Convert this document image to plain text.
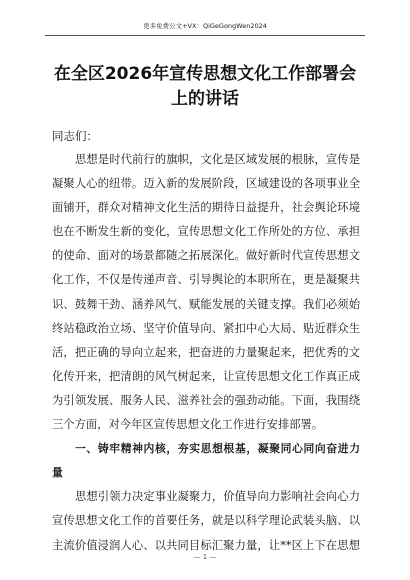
更多免费公文+VX：QiGeGongWen2024
在全区2026年宣传思想文化工作部署会
上的讲话
同志们：
思想是时代前行的旗帜，文化是区域发展的根脉，宣传是
凝聚人心的纽带。迈入新的发展阶段，区域建设的各项事业全
面铺开，群众对精神文化生活的期待日益提升，社会舆论环境
也在不断发生新的变化，宣传思想文化工作所处的方位、承担
的使命、面对的场景都随之拓展深化。做好新时代宣传思想文
化工作，不仅是传递声音、引导舆论的本职所在，更是凝聚共
识、鼓舞干劲、涵养风气、赋能发展的关键支撑。我们必须始
终站稳政治立场、坚守价值导向、紧扣中心大局、贴近群众生
活，把正确的导向立起来，把奋进的力量聚起来，把优秀的文
化传开来，把清朗的风气树起来，让宣传思想文化工作真正成
为引领发展、服务人民、滋养社会的强劲动能。下面，我围绕
三个方面，对今年区宣传思想文化工作进行安排部署。
一、铸牢精神内核，夯实思想根基，凝聚同心同向奋进力
量
思想引领力决定事业凝聚力，价值导向力影响社会向心力
宣传思想文化工作的首要任务，就是以科学理论武装头脑、以
主流价值浸润人心、以共同目标汇聚力量，让**区上下在思想
— 1 —
